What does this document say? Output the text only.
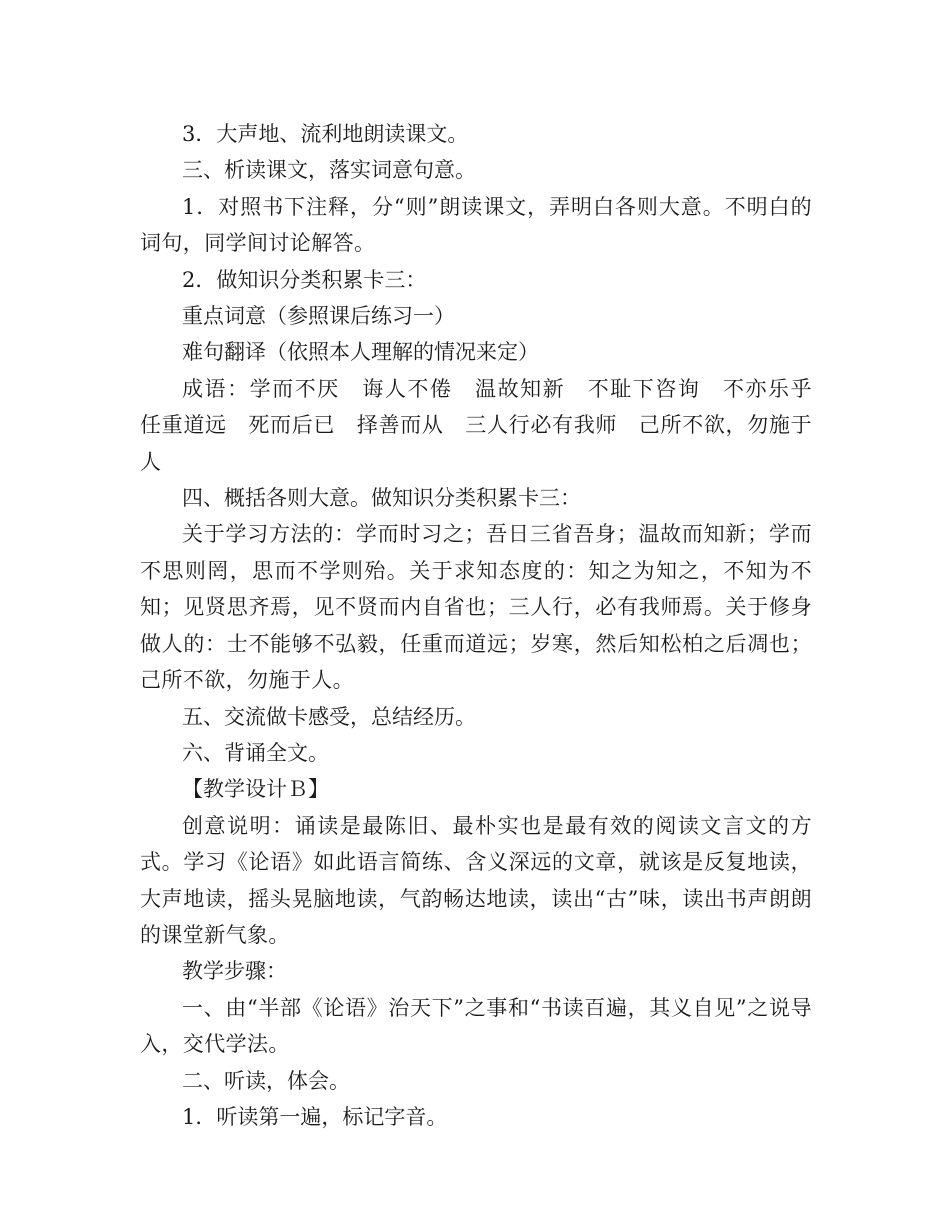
3．大声地、流利地朗读课文。

三、析读课文，落实词意句意。

1．对照书下注释，分“则”朗读课文，弄明白各则大意。不明白的词句，同学间讨论解答。

2．做知识分类积累卡三：

重点词意（参照课后练习一）

难句翻译（依照本人理解的情况来定）

成语：学而不厌　诲人不倦　温故知新　不耻下咨询　不亦乐乎　任重道远　死而后已　择善而从　三人行必有我师　己所不欲，勿施于人

四、概括各则大意。做知识分类积累卡三：

关于学习方法的：学而时习之；吾日三省吾身；温故而知新；学而不思则罔，思而不学则殆。关于求知态度的：知之为知之，不知为不知；见贤思齐焉，见不贤而内自省也；三人行，必有我师焉。关于修身做人的：士不能够不弘毅，任重而道远；岁寒，然后知松柏之后凋也；己所不欲，勿施于人。

五、交流做卡感受，总结经历。

六、背诵全文。

【教学设计Ｂ】

创意说明：诵读是最陈旧、最朴实也是最有效的阅读文言文的方式。学习《论语》如此语言简练、含义深远的文章，就该是反复地读，大声地读，摇头晃脑地读，气韵畅达地读，读出“古”味，读出书声朗朗的课堂新气象。

教学步骤：

一、由“半部《论语》治天下”之事和“书读百遍，其义自见”之说导入，交代学法。

二、听读，体会。

1．听读第一遍，标记字音。
